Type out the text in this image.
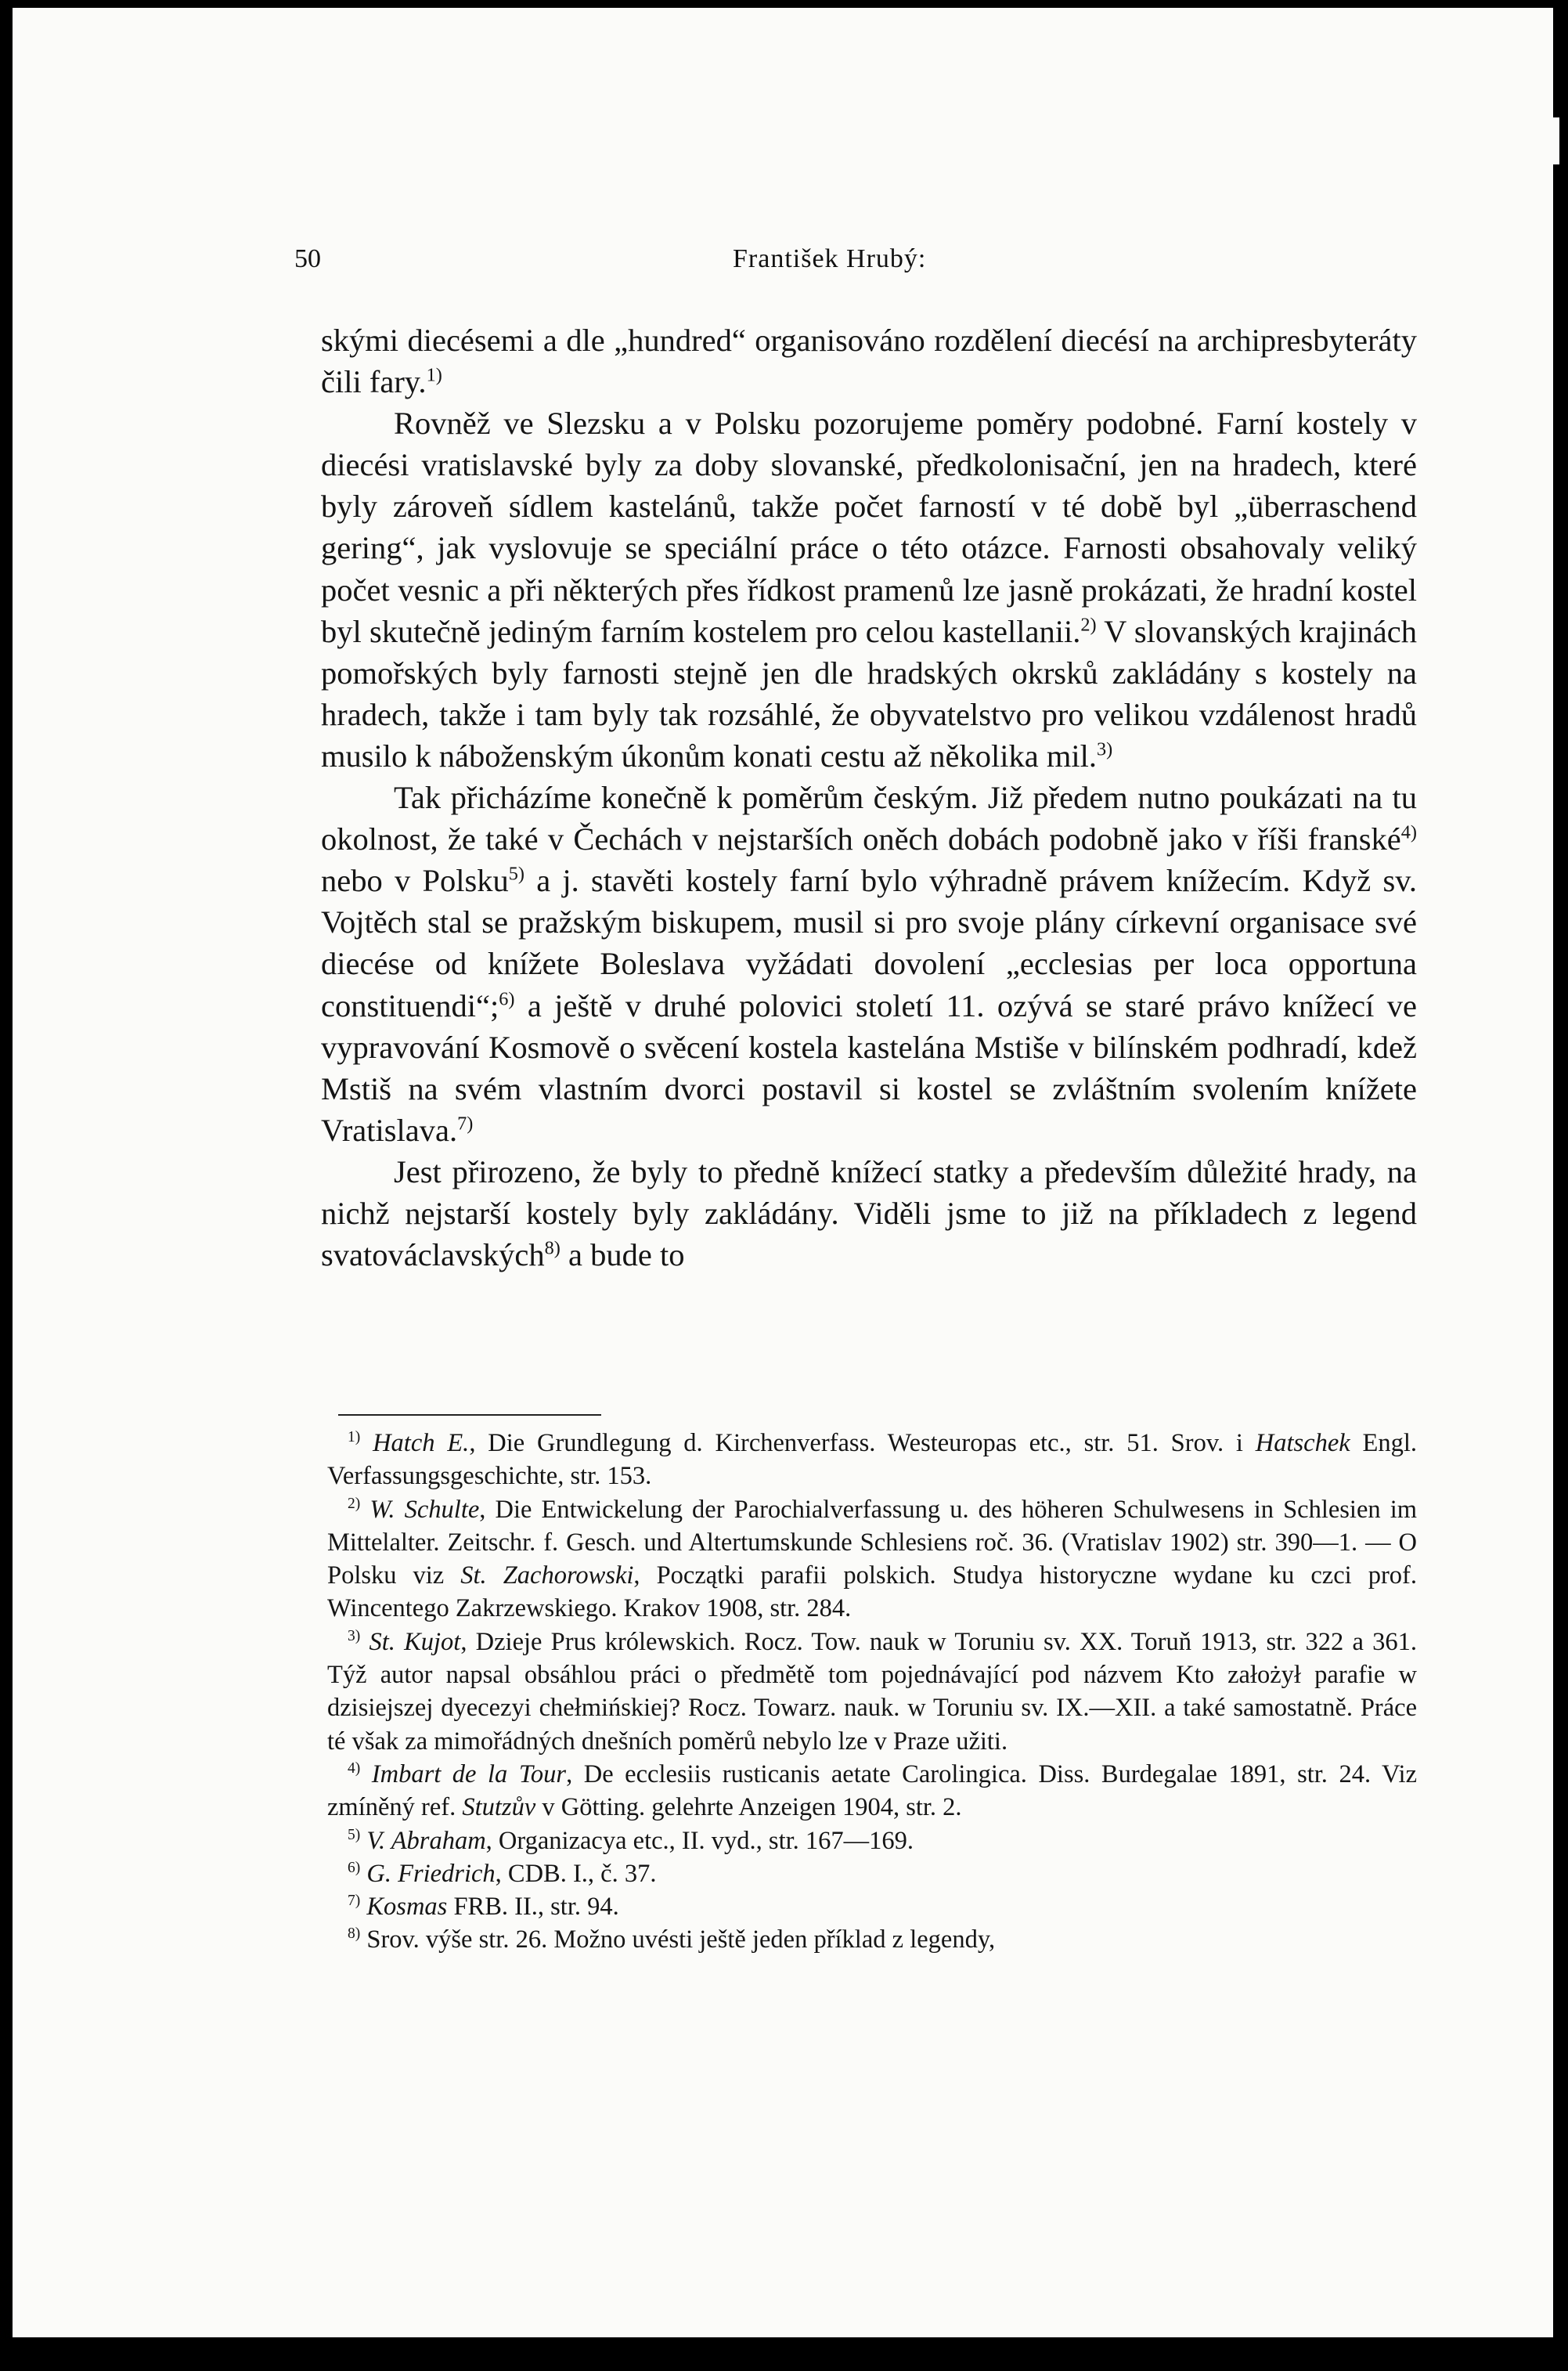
50	František Hrubý:

skými diecésemi a dle „hundred“ organisováno rozdělení diecésí na archipresbyteráty čili fary.$^{1)}$

Rovněž ve Slezsku a v Polsku pozorujeme poměry podobné. Farní kostely v diecési vratislavské byly za doby slovanské, předkolonisační, jen na hradech, které byly zároveň sídlem kastelánů, takže počet farností v té době byl „überraschend gering“, jak vyslovuje se speciální práce o této otázce. Farnosti obsahovaly veliký počet vesnic a při některých přes řídkost pramenů lze jasně prokázati, že hradní kostel byl skutečně jediným farním kostelem pro celou kastellanii.$^{2)}$ V slovanských krajinách pomořských byly farnosti stejně jen dle hradských okrsků zakládány s kostely na hradech, takže i tam byly tak rozsáhlé, že obyvatelstvo pro velikou vzdálenost hradů musilo k náboženským úkonům konati cestu až několika mil.$^{3)}$

Tak přicházíme konečně k poměrům českým. Již předem nutno poukázati na tu okolnost, že také v Čechách v nejstarších oněch dobách podobně jako v říši franské$^{4)}$ nebo v Polsku$^{5)}$ a j. stavěti kostely farní bylo výhradně právem knížecím. Když sv. Vojtěch stal se pražským biskupem, musil si pro svoje plány církevní organisace své diecése od knížete Boleslava vyžádati dovolení „ecclesias per loca opportuna constituendi“;$^{6)}$ a ještě v druhé polovici století 11. ozývá se staré právo knížecí ve vypravování Kosmově o svěcení kostela kastelána Mstiše v bilínském podhradí, kdež Mstiš na svém vlastním dvorci postavil si kostel se zvláštním svolením knížete Vratislava.$^{7)}$

Jest přirozeno, že byly to předně knížecí statky a především důležité hrady, na nichž nejstarší kostely byly zakládány. Viděli jsme to již na příkladech z legend svatováclavských$^{8)}$ a bude to

$^{1)}$ Hatch E., Die Grundlegung d. Kirchenverfass. Westeuropas etc., str. 51. Srov. i Hatschek Engl. Verfassungsgeschichte, str. 153.

$^{2)}$ W. Schulte, Die Entwickelung der Parochialverfassung u. des höheren Schulwesens in Schlesien im Mittelalter. Zeitschr. f. Gesch. und Altertumskunde Schlesiens roč. 36. (Vratislav 1902) str. 390—1. — O Polsku viz St. Zachorowski, Początki parafii polskich. Studya historyczne wydane ku czci prof. Wincentego Zakrzewskiego. Krakov 1908, str. 284.

$^{3)}$ St. Kujot, Dzieje Prus królewskich. Rocz. Tow. nauk w Toruniu sv. XX. Toruň 1913, str. 322 a 361. Týž autor napsal obsáhlou práci o předmětě tom pojednávající pod názvem Kto założył parafie w dzisiejszej dyecezyi chełmińskiej? Rocz. Towarz. nauk. w Toruniu sv. IX.—XII. a také samostatně. Práce té však za mimořádných dnešních poměrů nebylo lze v Praze užiti.

$^{4)}$ Imbart de la Tour, De ecclesiis rusticanis aetate Carolingica. Diss. Burdegalae 1891, str. 24. Viz zmíněný ref. Stutzův v Götting. gelehrte Anzeigen 1904, str. 2.

$^{5)}$ V. Abraham, Organizacya etc., II. vyd., str. 167—169.

$^{6)}$ G. Friedrich, CDB. I., č. 37.

$^{7)}$ Kosmas FRB. II., str. 94.

$^{8)}$ Srov. výše str. 26. Možno uvésti ještě jeden příklad z legendy,
